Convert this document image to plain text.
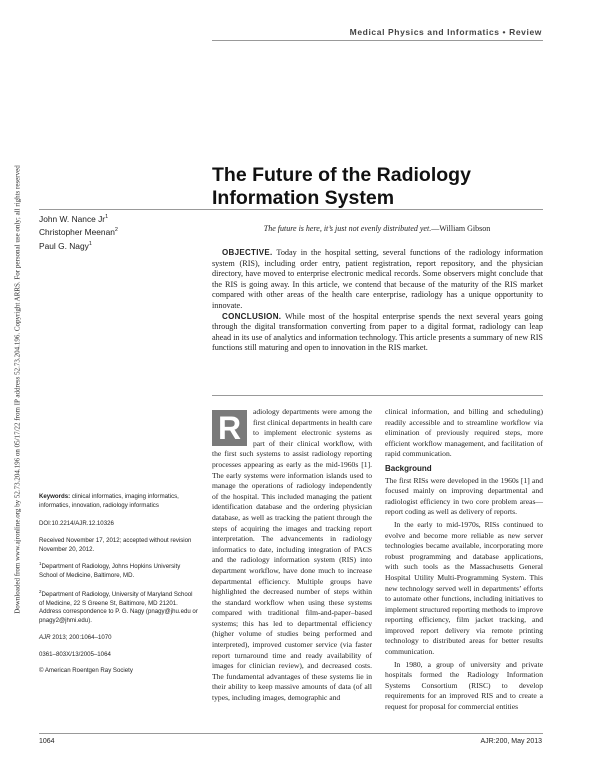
Medical Physics and Informatics • Review
Downloaded from www.ajronline.org by 52.73.204.196 on 05/17/22 from IP address 52.73.204.196. Copyright ARRS. For personal use only; all rights reserved	The Future of the Radiology Information System
John W. Nance Jr$^1$
Christopher Meenan$^2$
Paul G. Nagy$^1$
The future is here, it’s just not evenly distributed yet.—William Gibson

OBJECTIVE. Today in the hospital setting, several functions of the radiology information system (RIS), including order entry, patient registration, report repository, and the physician directory, have moved to enterprise electronic medical records. Some observers might conclude that the RIS is going away. In this article, we contend that because of the maturity of the RIS market compared with other areas of the health care enterprise, radiology has a unique opportunity to innovate.

CONCLUSION. While most of the hospital enterprise spends the next several years going through the digital transformation converting from paper to a digital format, radiology can leap ahead in its use of analytics and information technology. This article presents a summary of new RIS functions still maturing and open to innovation in the RIS market.

R	adiology departments were among the first clinical departments in health care to implement electronic systems as part of their clinical workflow, with the first such systems to assist radiology reporting processes appearing as early as the mid-1960s [1]. The early systems were information islands used to manage the operations of radiology independently of the hospital. This included managing the patient identification database and the ordering physician database, as well as tracking the patient through the steps of acquiring the images and tracking report interpretation. The advancements in radiology informatics to date, including integration of PACS and the radiology information system (RIS) into department workflow, have done much to increase departmental efficiency. Multiple groups have highlighted the decreased number of steps within the standard workflow when using these systems compared with traditional film-and-paper–based systems; this has led to departmental efficiency (higher volume of studies being performed and interpreted), improved customer service (via faster report turnaround time and ready availability of images for clinician review), and decreased costs. The fundamental advantages of these systems lie in their ability to keep massive amounts of data (of all types, including images, demographic and

clinical information, and billing and scheduling) readily accessible and to streamline workflow via elimination of previously required steps, more efficient workflow management, and facilitation of rapid communication.

Background

The first RISs were developed in the 1960s [1] and focused mainly on improving departmental and radiologist efficiency in two core problem areas—report coding as well as delivery of reports.

In the early to mid-1970s, RISs continued to evolve and become more reliable as new server technologies became available, incorporating more robust programming and database applications, with such tools as the Massachusetts General Hospital Utility Multi-Programming System. This new technology served well in departments’ efforts to automate other functions, including initiatives to implement structured reporting methods to improve reporting efficiency, film jacket tracking, and improved report delivery via remote printing technology to distributed areas for better results communication.

In 1980, a group of university and private hospitals formed the Radiology Information Systems Consortium (RISC) to develop requirements for an improved RIS and to create a request for proposal for commercial entities

Keywords: clinical informatics, imaging informatics, informatics, innovation, radiology informatics
DOI:10.2214/AJR.12.10326
Received November 17, 2012; accepted without revision November 20, 2012.
$^1$Department of Radiology, Johns Hopkins University School of Medicine, Baltimore, MD.
$^2$Department of Radiology, University of Maryland School of Medicine, 22 S Greene St, Baltimore, MD 21201. Address correspondence to P. G. Nagy (pnagy@jhu.edu or pnagy2@jhmi.edu).
AJR 2013; 200:1064–1070
0361–803X/13/2005–1064
© American Roentgen Ray Society
1064	AJR:200, May 2013
